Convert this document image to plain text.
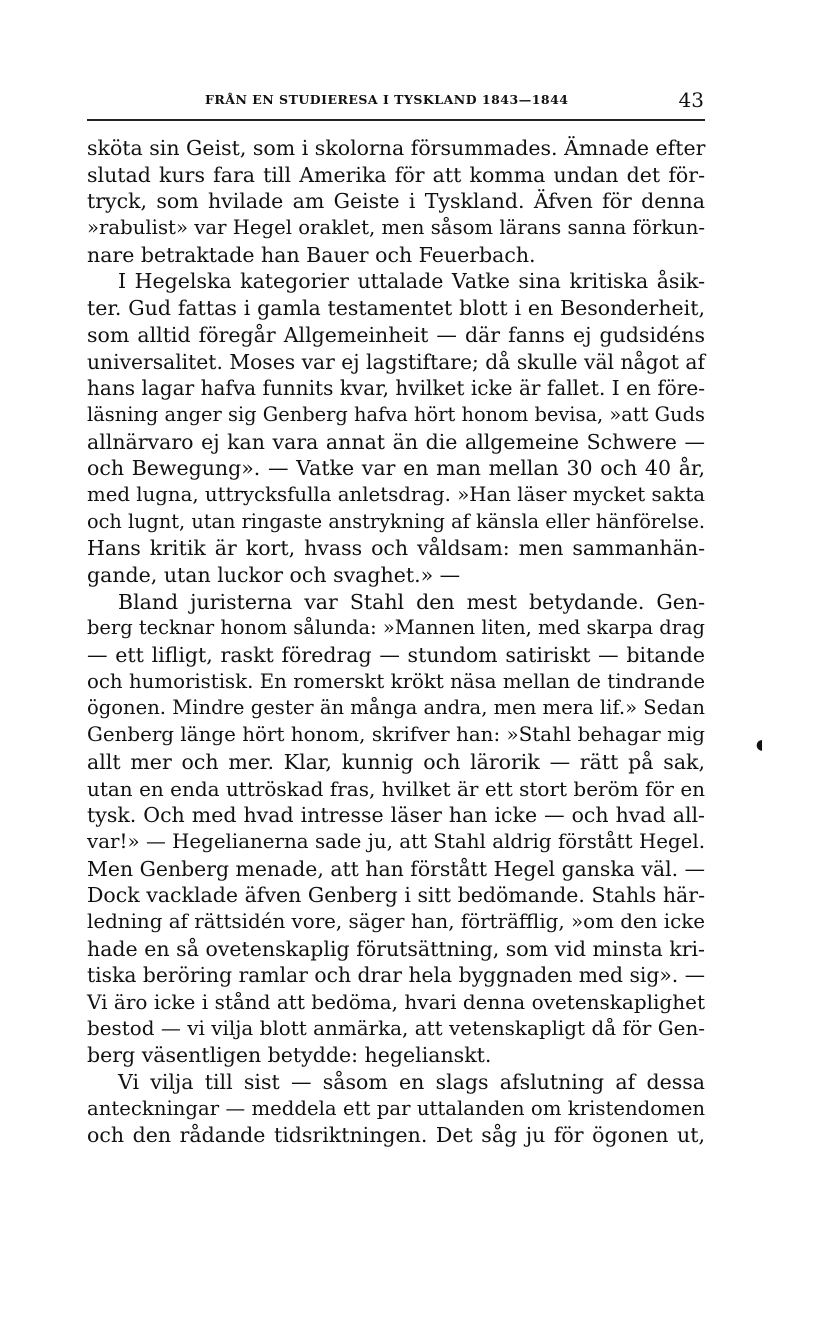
FRÅN EN STUDIERESA I TYSKLAND 1843—1844	43
sköta sin Geist, som i skolorna försummades. Ämnade efter
slutad kurs fara till Amerika för att komma undan det för-
tryck, som hvilade am Geiste i Tyskland. Äfven för denna
»rabulist» var Hegel oraklet, men såsom lärans sanna förkun-
nare betraktade han Bauer och Feuerbach.
I Hegelska kategorier uttalade Vatke sina kritiska åsik-
ter. Gud fattas i gamla testamentet blott i en Besonderheit,
som alltid föregår Allgemeinheit — där fanns ej gudsidéns
universalitet. Moses var ej lagstiftare; då skulle väl något af
hans lagar hafva funnits kvar, hvilket icke är fallet. I en före-
läsning anger sig Genberg hafva hört honom bevisa, »att Guds
allnärvaro ej kan vara annat än die allgemeine Schwere —
och Bewegung». — Vatke var en man mellan 30 och 40 år,
med lugna, uttrycksfulla anletsdrag. »Han läser mycket sakta
och lugnt, utan ringaste anstrykning af känsla eller hänförelse.
Hans kritik är kort, hvass och våldsam: men sammanhän-
gande, utan luckor och svaghet.» —
Bland juristerna var Stahl den mest betydande. Gen-
berg tecknar honom sålunda: »Mannen liten, med skarpa drag
— ett lifligt, raskt föredrag — stundom satiriskt — bitande
och humoristisk. En romerskt krökt näsa mellan de tindrande
ögonen. Mindre gester än många andra, men mera lif.» Sedan
Genberg länge hört honom, skrifver han: »Stahl behagar mig
allt mer och mer. Klar, kunnig och lärorik — rätt på sak,
utan en enda uttröskad fras, hvilket är ett stort beröm för en
tysk. Och med hvad intresse läser han icke — och hvad all-
var!» — Hegelianerna sade ju, att Stahl aldrig förstått Hegel.
Men Genberg menade, att han förstått Hegel ganska väl. —
Dock vacklade äfven Genberg i sitt bedömande. Stahls här-
ledning af rättsidén vore, säger han, förträfflig, »om den icke
hade en så ovetenskaplig förutsättning, som vid minsta kri-
tiska beröring ramlar och drar hela byggnaden med sig». —
Vi äro icke i stånd att bedöma, hvari denna ovetenskaplighet
bestod — vi vilja blott anmärka, att vetenskapligt då för Gen-
berg väsentligen betydde: hegelianskt.
Vi vilja till sist — såsom en slags afslutning af dessa
anteckningar — meddela ett par uttalanden om kristendomen
och den rådande tidsriktningen. Det såg ju för ögonen ut,
◖
